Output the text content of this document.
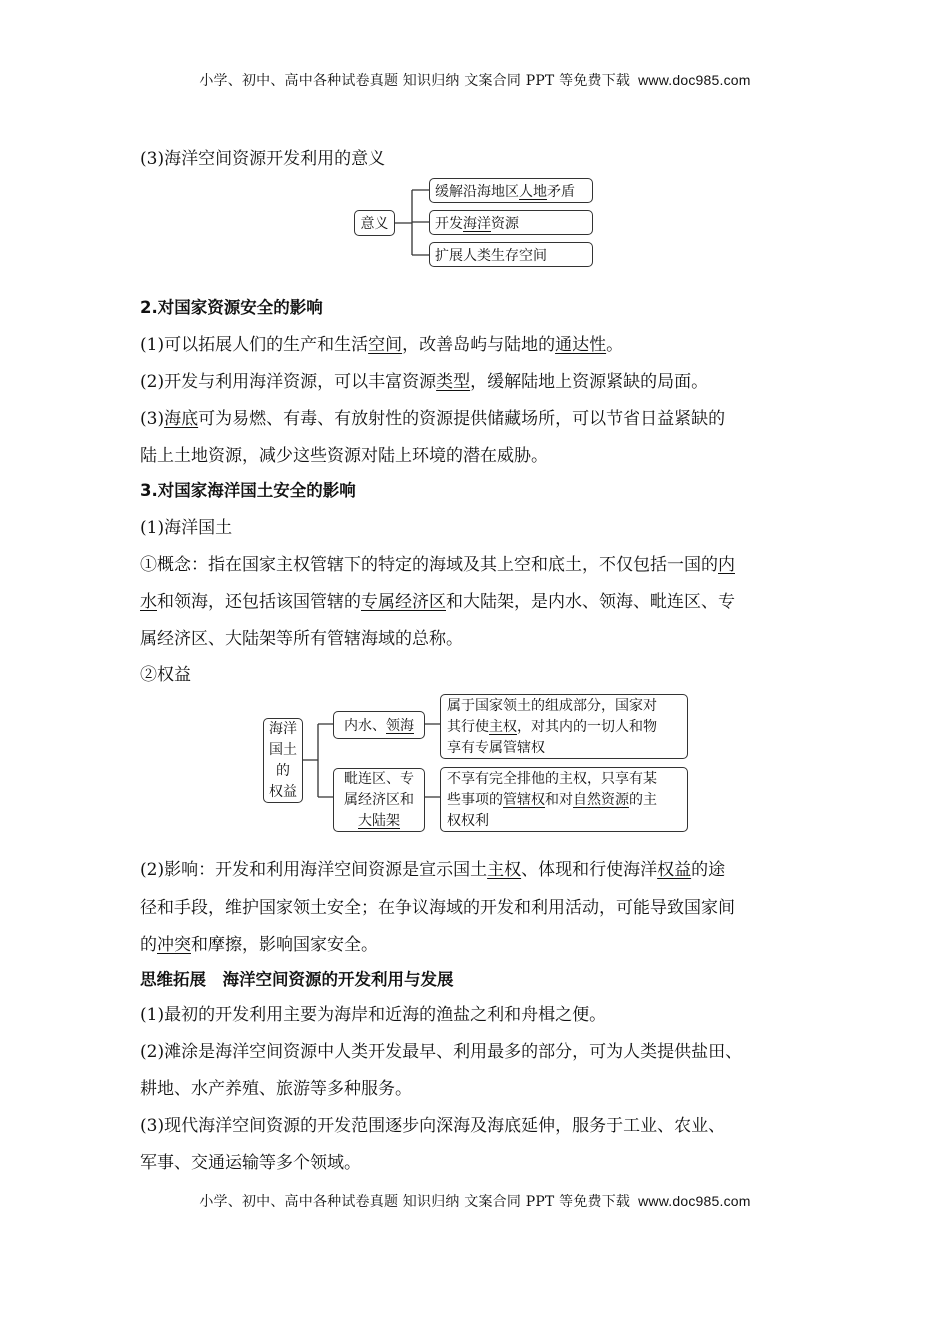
小学、初中、高中各种试卷真题 知识归纳 文案合同 PPT 等免费下载 www.doc985.com
(3)海洋空间资源开发利用的意义
意义
缓解沿海地区 人地 矛盾
开发 海洋 资源
扩展人类生存空间
2.对国家资源安全的影响
(1)可以拓展人们的生产和生活空间，改善岛屿与陆地的通达性。
(2)开发与利用海洋资源，可以丰富资源类型，缓解陆地上资源紧缺的局面。
(3)海底可为易燃、有毒、有放射性的资源提供储藏场所，可以节省日益紧缺的
陆上土地资源，减少这些资源对陆上环境的潜在威胁。
3.对国家海洋国土安全的影响
(1)海洋国土
①概念：指在国家主权管辖下的特定的海域及其上空和底土，不仅包括一国的内
水和领海，还包括该国管辖的专属经济区和大陆架，是内水、领海、毗连区、专
属经济区、大陆架等所有管辖海域的总称。
②权益
海洋
国土
的
权益
内水、 领海
毗连区、专
属经济区和
大陆架
属于国家领土的组成部分，国家对
其行使主权，对其内的一切人和物
享有专属管辖权
不享有完全排他的主权，只享有某
些事项的管辖权和对自然资源的主
权权利
(2)影响：开发和利用海洋空间资源是宣示国土主权、体现和行使海洋权益的途
径和手段，维护国家领土安全；在争议海域的开发和利用活动，可能导致国家间
的冲突和摩擦，影响国家安全。
思维拓展　海洋空间资源的开发利用与发展
(1)最初的开发利用主要为海岸和近海的渔盐之利和舟楫之便。
(2)滩涂是海洋空间资源中人类开发最早、利用最多的部分，可为人类提供盐田、
耕地、水产养殖、旅游等多种服务。
(3)现代海洋空间资源的开发范围逐步向深海及海底延伸，服务于工业、农业、
军事、交通运输等多个领域。
小学、初中、高中各种试卷真题 知识归纳 文案合同 PPT 等免费下载 www.doc985.com
